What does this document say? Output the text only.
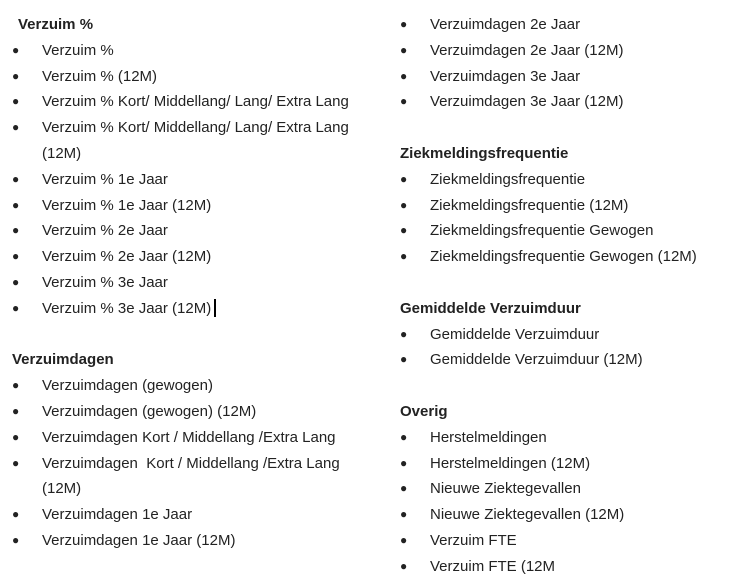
Verzuim %
●	Verzuim %
●	Verzuim % (12M)
●	Verzuim % Kort/ Middellang/ Lang/ Extra Lang
●	Verzuim % Kort/ Middellang/ Lang/ Extra Lang (12M)
●	Verzuim % 1e Jaar
●	Verzuim % 1e Jaar (12M)
●	Verzuim % 2e Jaar
●	Verzuim % 2e Jaar (12M)
●	Verzuim % 3e Jaar
●	Verzuim % 3e Jaar (12M)
Verzuimdagen
●	Verzuimdagen (gewogen)
●	Verzuimdagen (gewogen) (12M)
●	Verzuimdagen Kort / Middellang /Extra Lang
●	Verzuimdagen  Kort / Middellang /Extra Lang (12M)
●	Verzuimdagen 1e Jaar
●	Verzuimdagen 1e Jaar (12M)
●	Verzuimdagen 2e Jaar
●	Verzuimdagen 2e Jaar (12M)
●	Verzuimdagen 3e Jaar
●	Verzuimdagen 3e Jaar (12M)
Ziekmeldingsfrequentie
●	Ziekmeldingsfrequentie
●	Ziekmeldingsfrequentie (12M)
●	Ziekmeldingsfrequentie Gewogen
●	Ziekmeldingsfrequentie Gewogen (12M)
Gemiddelde Verzuimduur
●	Gemiddelde Verzuimduur
●	Gemiddelde Verzuimduur (12M)
Overig
●	Herstelmeldingen
●	Herstelmeldingen (12M)
●	Nieuwe Ziektegevallen
●	Nieuwe Ziektegevallen (12M)
●	Verzuim FTE
●	Verzuim FTE (12M
